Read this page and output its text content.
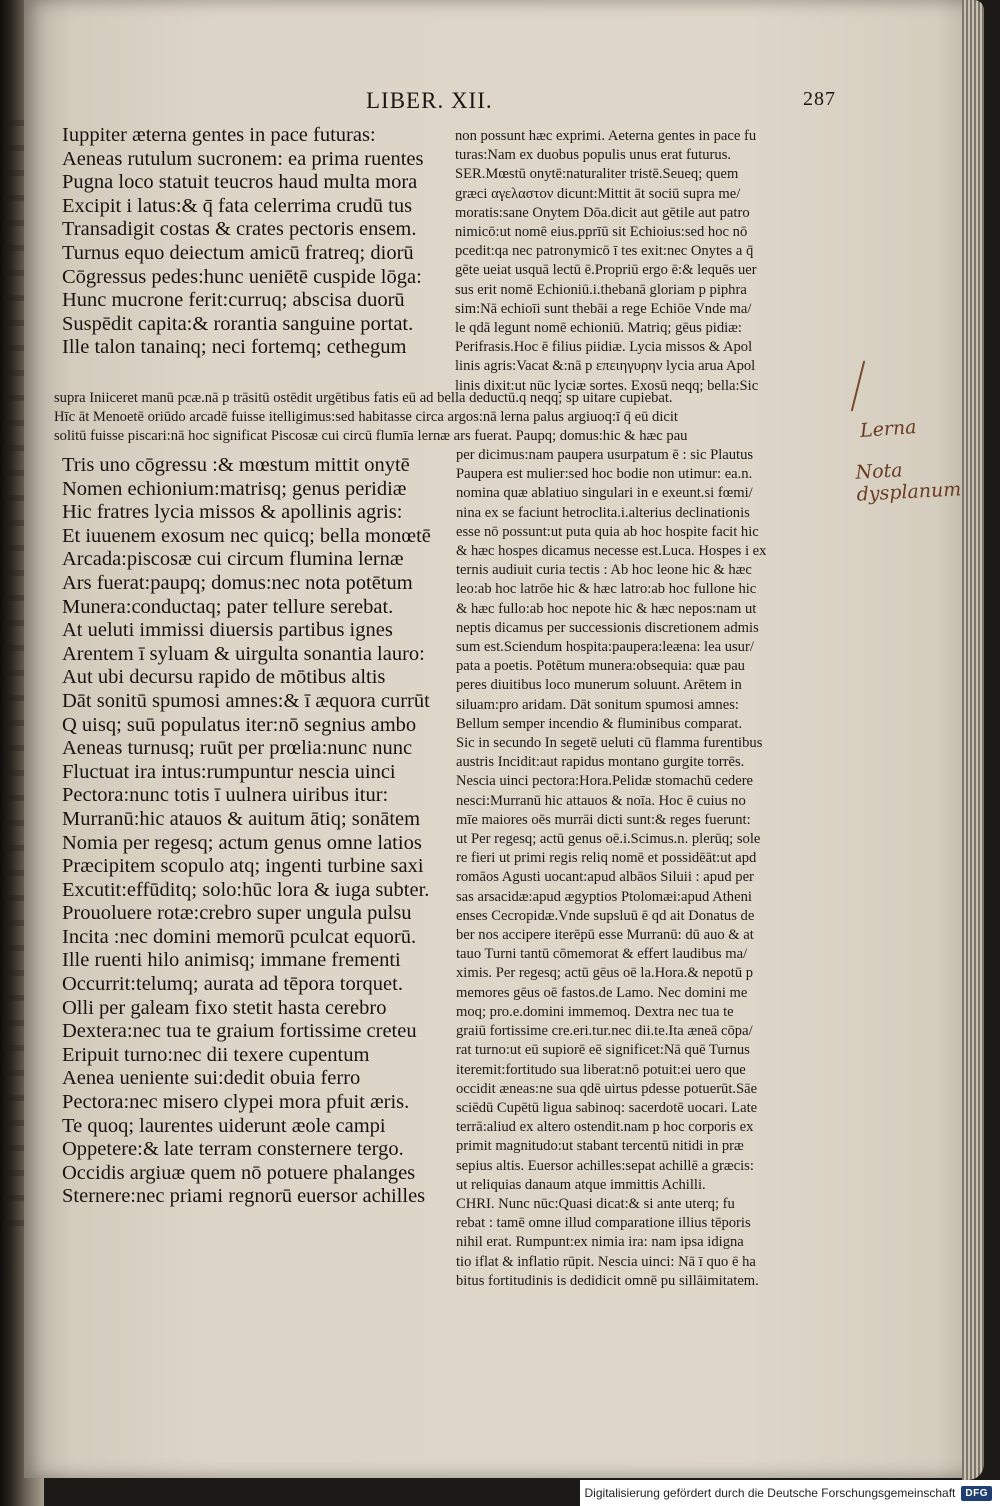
LIBER. XII.	287
Iuppiter æterna gentes in pace futuras:
Aeneas rutulum sucronem: ea prima ruentes
Pugna loco statuit teucros haud multa mora
Excipit i latus:& q̄ fata celerrima crudū tus
Transadigit costas & crates pectoris ensem.
Turnus equo deiectum amicū fratreq; diorū
Cōgressus pedes:hunc ueniētē cuspide lōga:
Hunc mucrone ferit:curruq; abscisa duorū
Suspēdit capita:& rorantia sanguine portat.
Ille talon tanainq; neci fortemq; cethegum
non possunt hæc exprimi. Aeterna gentes in pace fu
turas:Nam ex duobus populis unus erat futurus.
SER.Mœstū onytē:naturaliter tristē.Seueq; quem
græci αγελαστον dicunt:Mittit āt sociū supra me/
moratis:sane Onytem Dōa.dicit aut gētile aut patro
nimicō:ut nomē eius.pprīū sit Echioius:sed hoc nō
pcedit:qa nec patronymicō ī tes exit:nec Onytes a q̄
gēte ueiat usquā lectū ē.Propriū ergo ē:& lequēs uer
sus erit nomē Echioniū.i.thebanā gloriam p piphra
sim:Nā echioīi sunt thebāi a rege Echiōe Vnde ma/
le qdā legunt nomē echioniū. Matriq; gēus pidiæ:
Perifrasis.Hoc ē filius piidiæ. Lycia missos & Apol
linis agris:Vacat &:nā p επειηγυρην lycia arua Apol
linis dixit:ut nūc lyciæ sortes. Exosū neqq; bella:Sic
supra Iniiceret manū pcæ.nā p trāsitū ostēdit urgētibus fatis eū ad bella deductū.q neqq; sp uitare cupiebat.
Hīc āt Menoetē oriūdo arcadē fuisse itelligimus:sed habitasse circa argos:nā lerna palus argiuoq:ī q̄ eū dicit
solitū fuisse piscari:nā hoc significat Piscosæ cui circū flumīa lernæ ars fuerat. Paupq; domus:hic & hæc pau
Tris uno cōgressu :& mœstum mittit onytē
Nomen echionium:matrisq; genus peridiæ
Hic fratres lycia missos & apollinis agris:
Et iuuenem exosum nec quicq; bella monœtē
Arcada:piscosæ cui circum flumina lernæ
Ars fuerat:paupq; domus:nec nota potētum
Munera:conductaq; pater tellure serebat.
At ueluti immissi diuersis partibus ignes
Arentem ī syluam & uirgulta sonantia lauro:
Aut ubi decursu rapido de mōtibus altis
Dāt sonitū spumosi amnes:& ī æquora currūt
Q uisq; suū populatus iter:nō segnius ambo
Aeneas turnusq; ruūt per prœlia:nunc nunc
Fluctuat ira intus:rumpuntur nescia uinci
Pectora:nunc totis ī uulnera uiribus itur:
Murranū:hic atauos & auitum ātiq; sonātem
Nomia per regesq; actum genus omne latios
Præcipitem scopulo atq; ingenti turbine saxi
Excutit:effūditq; solo:hūc lora & iuga subter.
Prouoluere rotæ:crebro super ungula pulsu
Incita :nec domini memorū pculcat equorū.
Ille ruenti hilo animisq; immane frementi
Occurrit:telumq; aurata ad tēpora torquet.
Olli per galeam fixo stetit hasta cerebro
Dextera:nec tua te graium fortissime creteu
Eripuit turno:nec dii texere cupentum
Aenea ueniente sui:dedit obuia ferro
Pectora:nec misero clypei mora pfuit æris.
Te quoq; laurentes uiderunt æole campi
Oppetere:& late terram consternere tergo.
Occidis argiuæ quem nō potuere phalanges
Sternere:nec priami regnorū euersor achilles
per dicimus:nam paupera usurpatum ē : sic Plautus
Paupera est mulier:sed hoc bodie non utimur: ea.n.
nomina quæ ablatiuo singulari in e exeunt.si fœmi/
nina ex se faciunt hetroclita.i.alterius declinationis
esse nō possunt:ut puta quia ab hoc hospite facit hic
& hæc hospes dicamus necesse est.Luca. Hospes i ex
ternis audiuit curia tectis : Ab hoc leone hic & hæc
leo:ab hoc latrōe hic & hæc latro:ab hoc fullone hic
& hæc fullo:ab hoc nepote hic & hæc nepos:nam ut
neptis dicamus per successionis discretionem admis
sum est.Sciendum hospita:paupera:leæna: lea usur/
pata a poetis. Potētum munera:obsequia: quæ pau
peres diuitibus loco munerum soluunt. Arētem in
siluam:pro aridam. Dāt sonitum spumosi amnes:
Bellum semper incendio & fluminibus comparat.
Sic in secundo In segetē ueluti cū flamma furentibus
austris Incidit:aut rapidus montano gurgite torrēs.
Nescia uinci pectora:Hora.Pelidæ stomachū cedere
nesci:Murranū hic attauos & noīa. Hoc ē cuius no
mīe maiores oēs murrāi dicti sunt:& reges fuerunt:
ut Per regesq; actū genus oē.i.Scimus.n. plerūq; sole
re fieri ut primi regis reliq nomē et possidēāt:ut apd
romāos Agusti uocant:apud albāos Siluii : apud per
sas arsacidæ:apud ægyptios Ptolomæi:apud Atheni
enses Cecropidæ.Vnde supsluū ē qd ait Donatus de
ber nos accipere iterēpū esse Murranū: dū auo & at
tauo Turni tantū cōmemorat & effert laudibus ma/
ximis. Per regesq; actū gēus oē la.Hora.& nepotū p
memores gēus oē fastos.de Lamo. Nec domini me
moq; pro.e.domini immemoq. Dextra nec tua te
graiū fortissime cre.eri.tur.nec dii.te.Ita æneā cōpa/
rat turno:ut eū supiorē eē significet:Nā quē Turnus
iteremit:fortitudo sua liberat:nō potuit:ei uero que
occidit æneas:ne sua qdē uirtus pdesse potuerūt.Sāe
sciēdū Cupētū ligua sabinoq: sacerdotē uocari. Late
terrā:aliud ex altero ostendit.nam p hoc corporis ex
primit magnitudo:ut stabant tercentū nitidi in præ
sepius altis. Euersor achilles:sepat achillē a græcis:
ut reliquias danaum atque immittis Achilli.
CHRI. Nunc nūc:Quasi dicat:& si ante uterq; fu
rebat : tamē omne illud comparatione illius tēporis
nihil erat. Rumpunt:ex nimia ira: nam ipsa idigna
tio iflat & inflatio rūpit. Nescia uinci: Nā ī quo ē ha
bitus fortitudinis is dedidicit omnē pu sillāimitatem.
Lerna
Nota dysplanum
Digitalisierung gefördert durch die Deutsche Forschungsgemeinschaft	DFG
